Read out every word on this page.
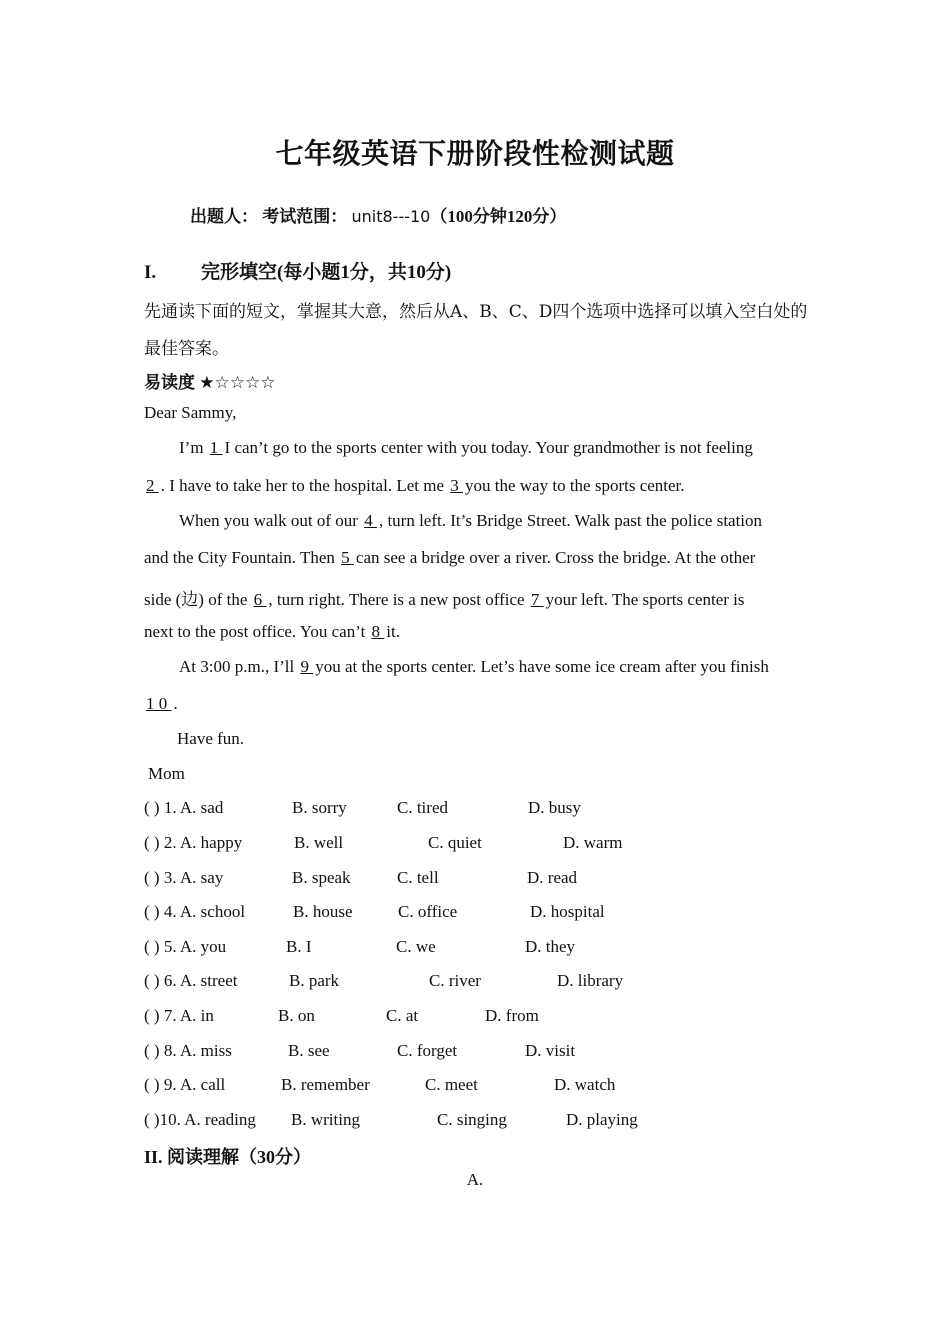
七年级英语下册阶段性检测试题
出题人： 考试范围： unit8---10（100分钟120分）
I. 完形填空(每小题1分，共10分)
先通读下面的短文，掌握其大意，然后从A、B、C、D四个选项中选择可以填入空白处的最佳答案。
易读度 ★☆☆☆☆
Dear Sammy,
I’m 1 I can’t go to the sports center with you today. Your grandmother is not feeling
2 . I have to take her to the hospital. Let me 3 you the way to the sports center.
When you walk out of our 4 , turn left. It’s Bridge Street. Walk past the police station
and the City Fountain. Then 5 can see a bridge over a river. Cross the bridge. At the other
side (边) of the 6 , turn right. There is a new post office 7 your left. The sports center is
next to the post office. You can’t 8 it.
At 3:00 p.m., I’ll 9 you at the sports center. Let’s have some ice cream after you finish
1 0 .
Have fun.
Mom
( ) 1. A. sad	B. sorry	C. tired	D. busy
( ) 2. A. happy	B. well	C. quiet	D. warm
( ) 3. A. say	B. speak	C. tell	D. read
( ) 4. A. school	B. house	C. office	D. hospital
( ) 5. A. you	B. I	C. we	D. they
( ) 6. A. street	B. park	C. river	D. library
( ) 7. A. in	B. on	C. at	D. from
( ) 8. A. miss	B. see	C. forget	D. visit
( ) 9. A. call	B. remember	C. meet	D. watch
( )10. A. reading B. writing	C. singing	D. playing
II. 阅读理解（30分）
A.
